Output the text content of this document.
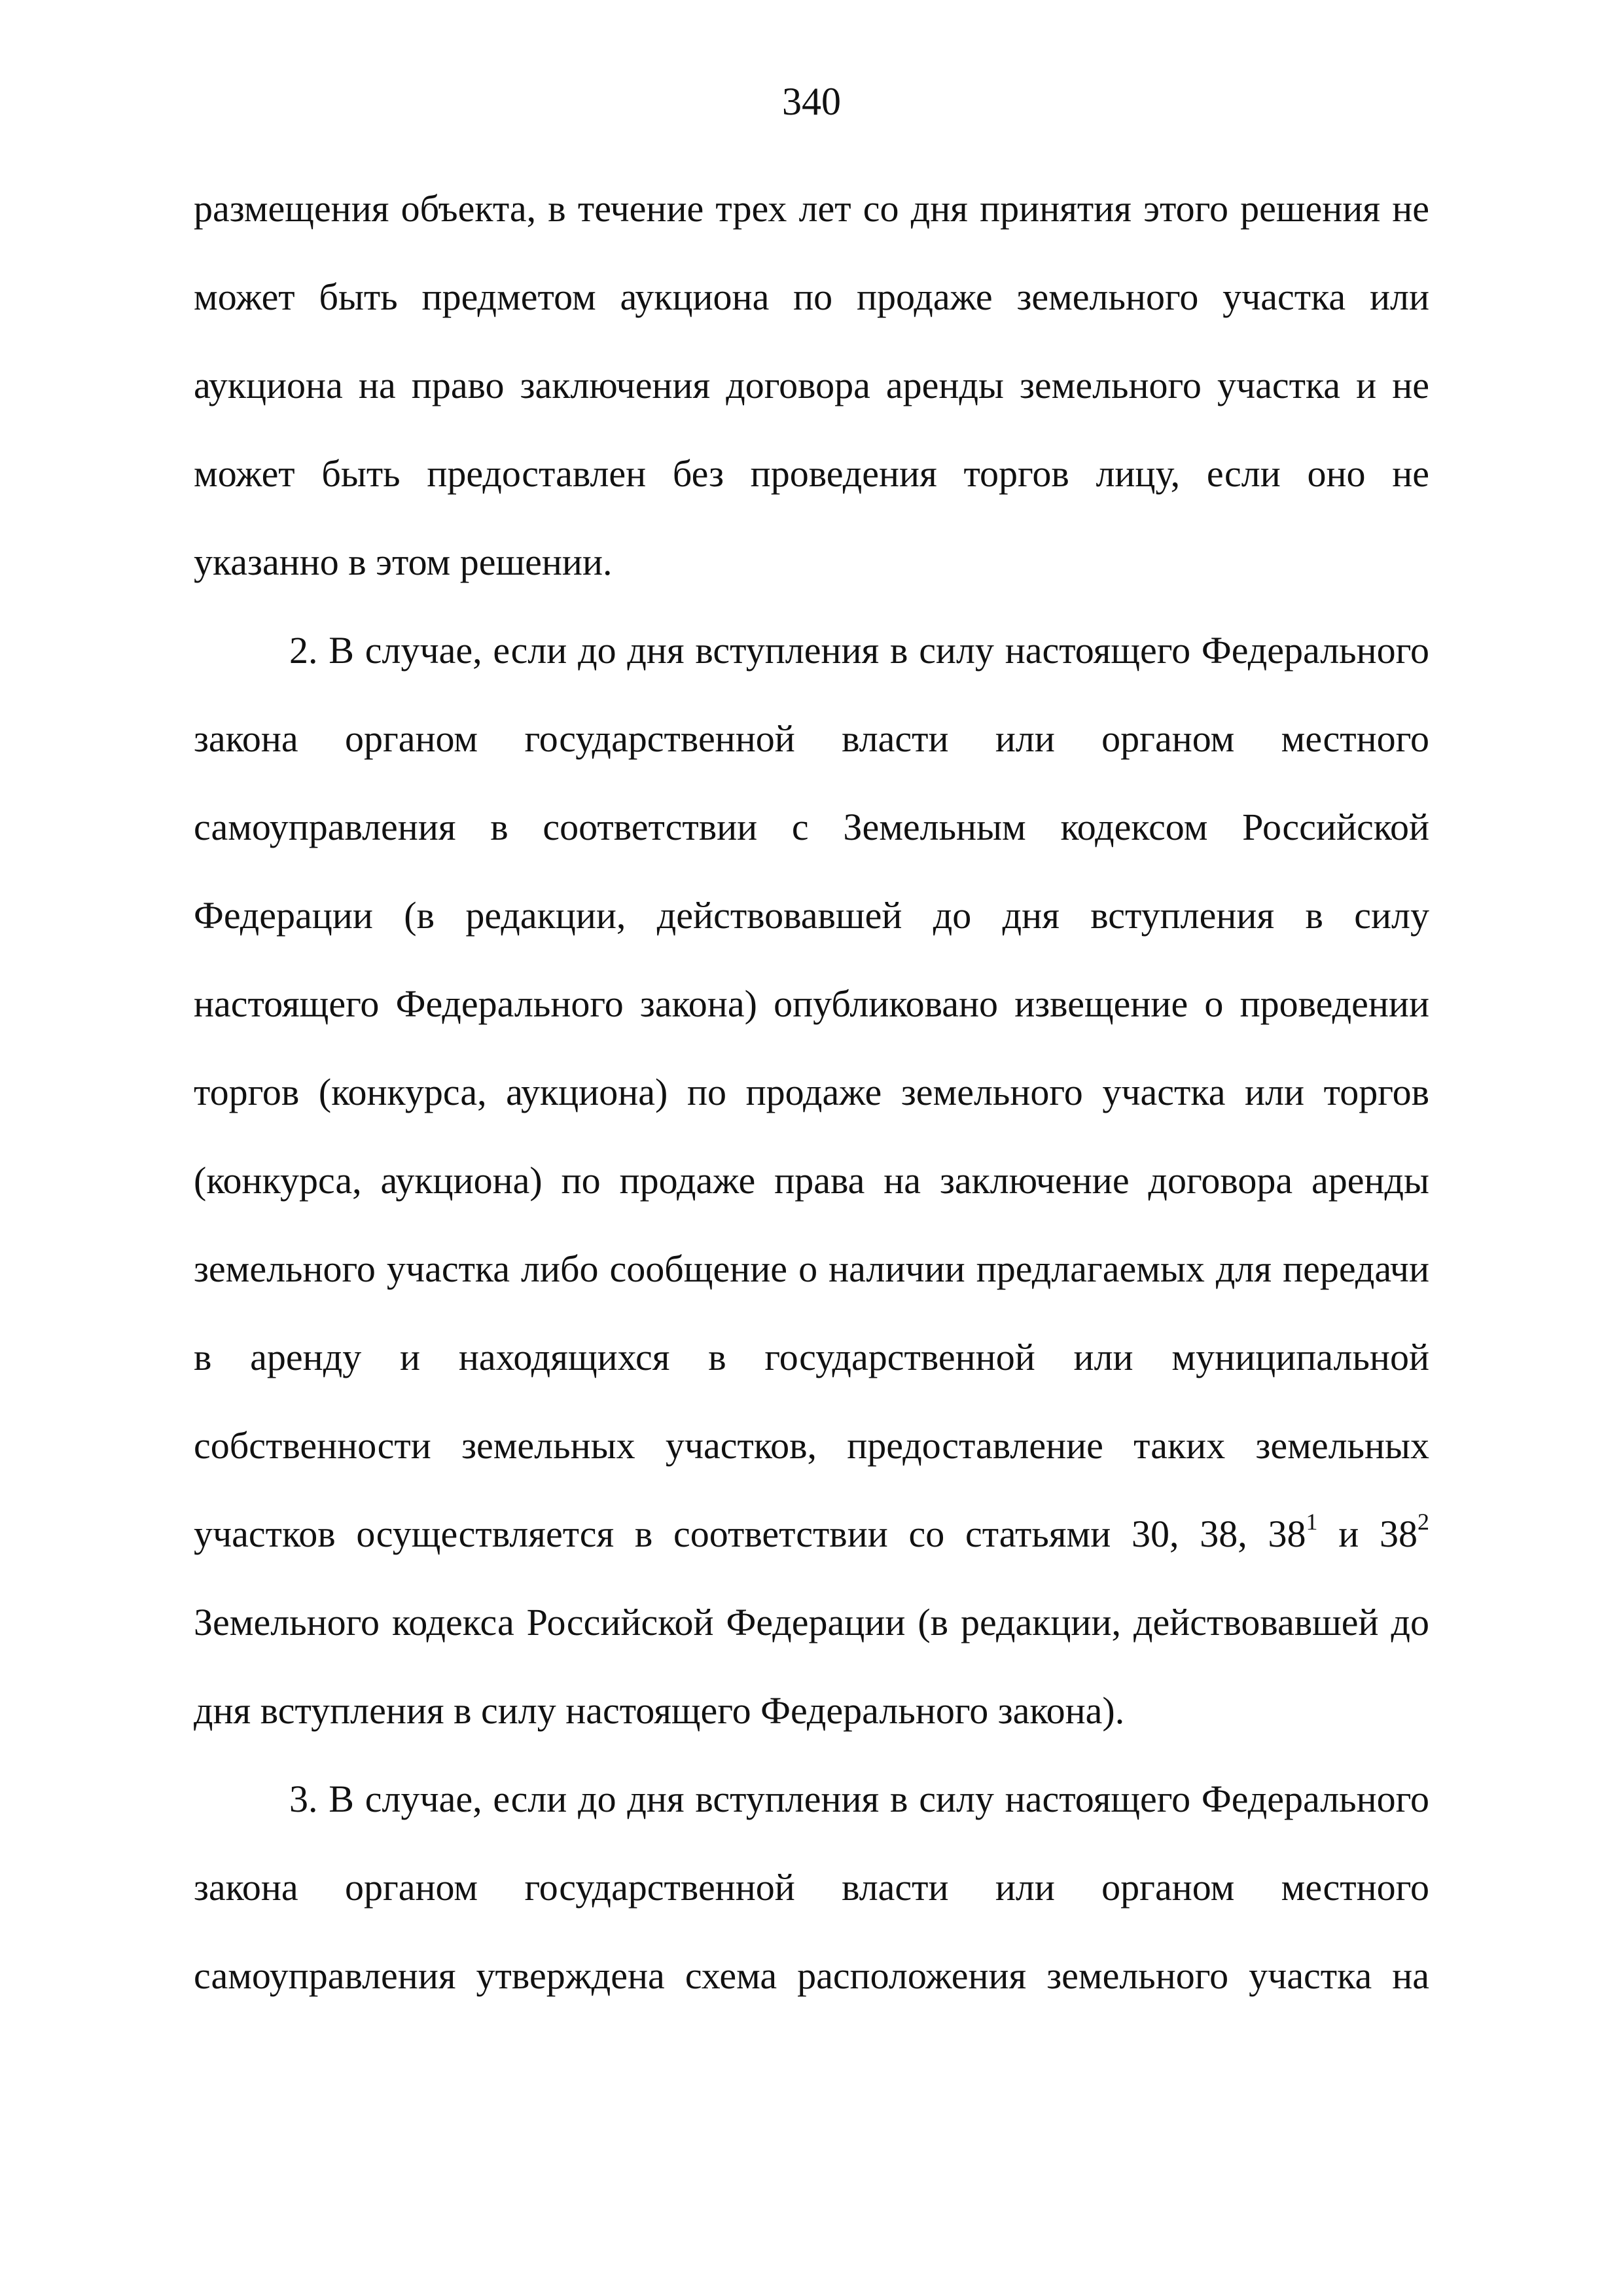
340
размещения объекта, в течение трех лет со дня принятия этого решения не
может быть предметом аукциона по продаже земельного участка или
аукциона на право заключения договора аренды земельного участка и не
может быть предоставлен без проведения торгов лицу, если оно не
указанно в этом решении.
2. В случае, если до дня вступления в силу настоящего Федерального
закона органом государственной власти или органом местного
самоуправления в соответствии с Земельным кодексом Российской
Федерации (в редакции, действовавшей до дня вступления в силу
настоящего Федерального закона) опубликовано извещение о проведении
торгов (конкурса, аукциона) по продаже земельного участка или торгов
(конкурса, аукциона) по продаже права на заключение договора аренды
земельного участка либо сообщение о наличии предлагаемых для передачи
в аренду и находящихся в государственной или муниципальной
собственности земельных участков, предоставление таких земельных
участков осуществляется в соответствии со статьями 30, 38, $38^1$ и $38^2$
Земельного кодекса Российской Федерации (в редакции, действовавшей до
дня вступления в силу настоящего Федерального закона).
3. В случае, если до дня вступления в силу настоящего Федерального
закона органом государственной власти или органом местного
самоуправления утверждена схема расположения земельного участка на
